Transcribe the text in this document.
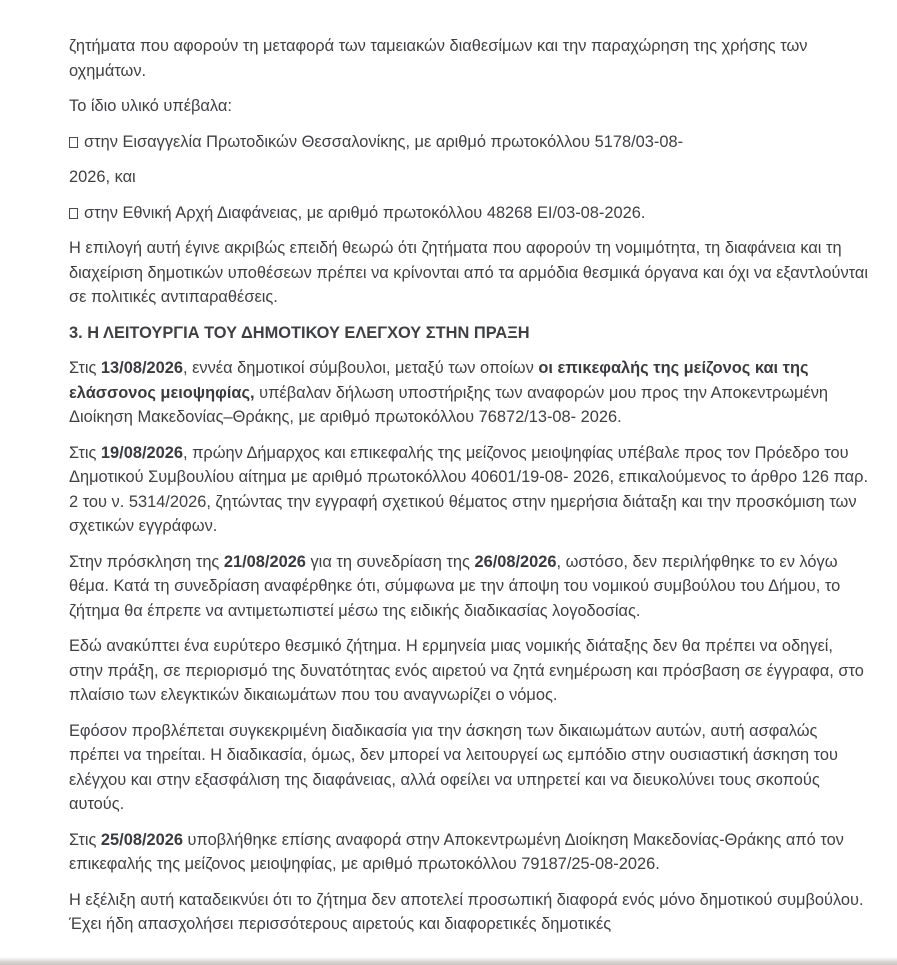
ζητήματα που αφορούν τη μεταφορά των ταμειακών διαθεσίμων και την παραχώρηση της χρήσης των οχημάτων.

Το ίδιο υλικό υπέβαλα:

στην Εισαγγελία Πρωτοδικών Θεσσαλονίκης, με αριθμό πρωτοκόλλου 5178/03-08-

2026, και

στην Εθνική Αρχή Διαφάνειας, με αριθμό πρωτοκόλλου 48268 ΕΙ/03-08-2026.

Η επιλογή αυτή έγινε ακριβώς επειδή θεωρώ ότι ζητήματα που αφορούν τη νομιμότητα, τη διαφάνεια και τη διαχείριση δημοτικών υποθέσεων πρέπει να κρίνονται από τα αρμόδια θεσμικά όργανα και όχι να εξαντλούνται σε πολιτικές αντιπαραθέσεις.

3. Η ΛΕΙΤΟΥΡΓΙΑ ΤΟΥ ΔΗΜΟΤΙΚΟΥ ΕΛΕΓΧΟΥ ΣΤΗΝ ΠΡΑΞΗ

Στις 13/08/2026, εννέα δημοτικοί σύμβουλοι, μεταξύ των οποίων οι επικεφαλής της μείζονος και της ελάσσονος μειοψηφίας, υπέβαλαν δήλωση υποστήριξης των αναφορών μου προς την Αποκεντρωμένη Διοίκηση Μακεδονίας–Θράκης, με αριθμό πρωτοκόλλου 76872/13-08- 2026.

Στις 19/08/2026, πρώην Δήμαρχος και επικεφαλής της μείζονος μειοψηφίας υπέβαλε προς τον Πρόεδρο του Δημοτικού Συμβουλίου αίτημα με αριθμό πρωτοκόλλου 40601/19-08- 2026, επικαλούμενος το άρθρο 126 παρ. 2 του ν. 5314/2026, ζητώντας την εγγραφή σχετικού θέματος στην ημερήσια διάταξη και την προσκόμιση των σχετικών εγγράφων.

Στην πρόσκληση της 21/08/2026 για τη συνεδρίαση της 26/08/2026, ωστόσο, δεν περιλήφθηκε το εν λόγω θέμα. Κατά τη συνεδρίαση αναφέρθηκε ότι, σύμφωνα με την άποψη του νομικού συμβούλου του Δήμου, το ζήτημα θα έπρεπε να αντιμετωπιστεί μέσω της ειδικής διαδικασίας λογοδοσίας.

Εδώ ανακύπτει ένα ευρύτερο θεσμικό ζήτημα. Η ερμηνεία μιας νομικής διάταξης δεν θα πρέπει να οδηγεί, στην πράξη, σε περιορισμό της δυνατότητας ενός αιρετού να ζητά ενημέρωση και πρόσβαση σε έγγραφα, στο πλαίσιο των ελεγκτικών δικαιωμάτων που του αναγνωρίζει ο νόμος.

Εφόσον προβλέπεται συγκεκριμένη διαδικασία για την άσκηση των δικαιωμάτων αυτών, αυτή ασφαλώς πρέπει να τηρείται. Η διαδικασία, όμως, δεν μπορεί να λειτουργεί ως εμπόδιο στην ουσιαστική άσκηση του ελέγχου και στην εξασφάλιση της διαφάνειας, αλλά οφείλει να υπηρετεί και να διευκολύνει τους σκοπούς αυτούς.

Στις 25/08/2026 υποβλήθηκε επίσης αναφορά στην Αποκεντρωμένη Διοίκηση Μακεδονίας-Θράκης από τον επικεφαλής της μείζονος μειοψηφίας, με αριθμό πρωτοκόλλου 79187/25-08-2026.

Η εξέλιξη αυτή καταδεικνύει ότι το ζήτημα δεν αποτελεί προσωπική διαφορά ενός μόνο δημοτικού συμβούλου. Έχει ήδη απασχολήσει περισσότερους αιρετούς και διαφορετικές δημοτικές
